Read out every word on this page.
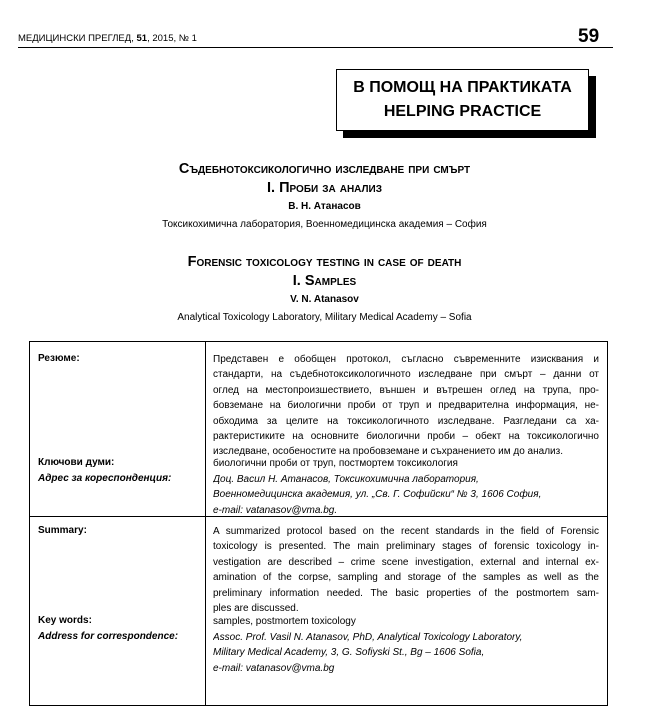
МЕДИЦИНСКИ ПРЕГЛЕД, 51, 2015, № 1	59
В ПОМОЩ НА ПРАКТИКАТА
HELPING PRACTICE
Съдебнотоксикологично изследване при смърт
I. Проби за анализ
В. Н. Атанасов
Токсикохимична лаборатория, Военномедицинска академия – София
Forensic toxicology testing in case of death
I. Samples
V. N. Atanasov
Analytical Toxicology Laboratory, Military Medical Academy – Sofia
Резюме:	Представен е обобщен протокол, съгласно съвременните изисквания и
стандарти, на съдебнотоксикологичното изследване при смърт – данни от
оглед на местопроизшествието, външен и вътрешен оглед на трупа, про-
бовземане на биологични проби от труп и предварителна информация, не-
обходима за целите на токсикологичното изследване. Разгледани са ха-
рактеристиките на основните биологични проби – обект на токсикологично
изследване, особеностите на пробовземане и съхранението им до анализ.
Ключови думи:	биологични проби от труп, постмортем токсикология
Адрес за кореспонденция:	Доц. Васил Н. Атанасов, Токсикохимична лаборатория,
Военномедицинска академия, ул. „Св. Г. Софийски“ № 3, 1606 София,
e-mail: vatanasov@vma.bg.
Summary:	A summarized protocol based on the recent standards in the field of Forensic
toxicology is presented. The main preliminary stages of forensic toxicology in-
vestigation are described – crime scene investigation, external and internal ex-
amination of the corpse, sampling and storage of the samples as well as the
preliminary information needed. The basic properties of the postmortem sam-
ples are discussed.
Key words:	samples, postmortem toxicology
Address for correspondence:	Assoc. Prof. Vasil N. Atanasov, PhD, Analytical Toxicology Laboratory,
Military Medical Academy, 3, G. Sofiyski St., Bg – 1606 Sofia,
e-mail: vatanasov@vma.bg
